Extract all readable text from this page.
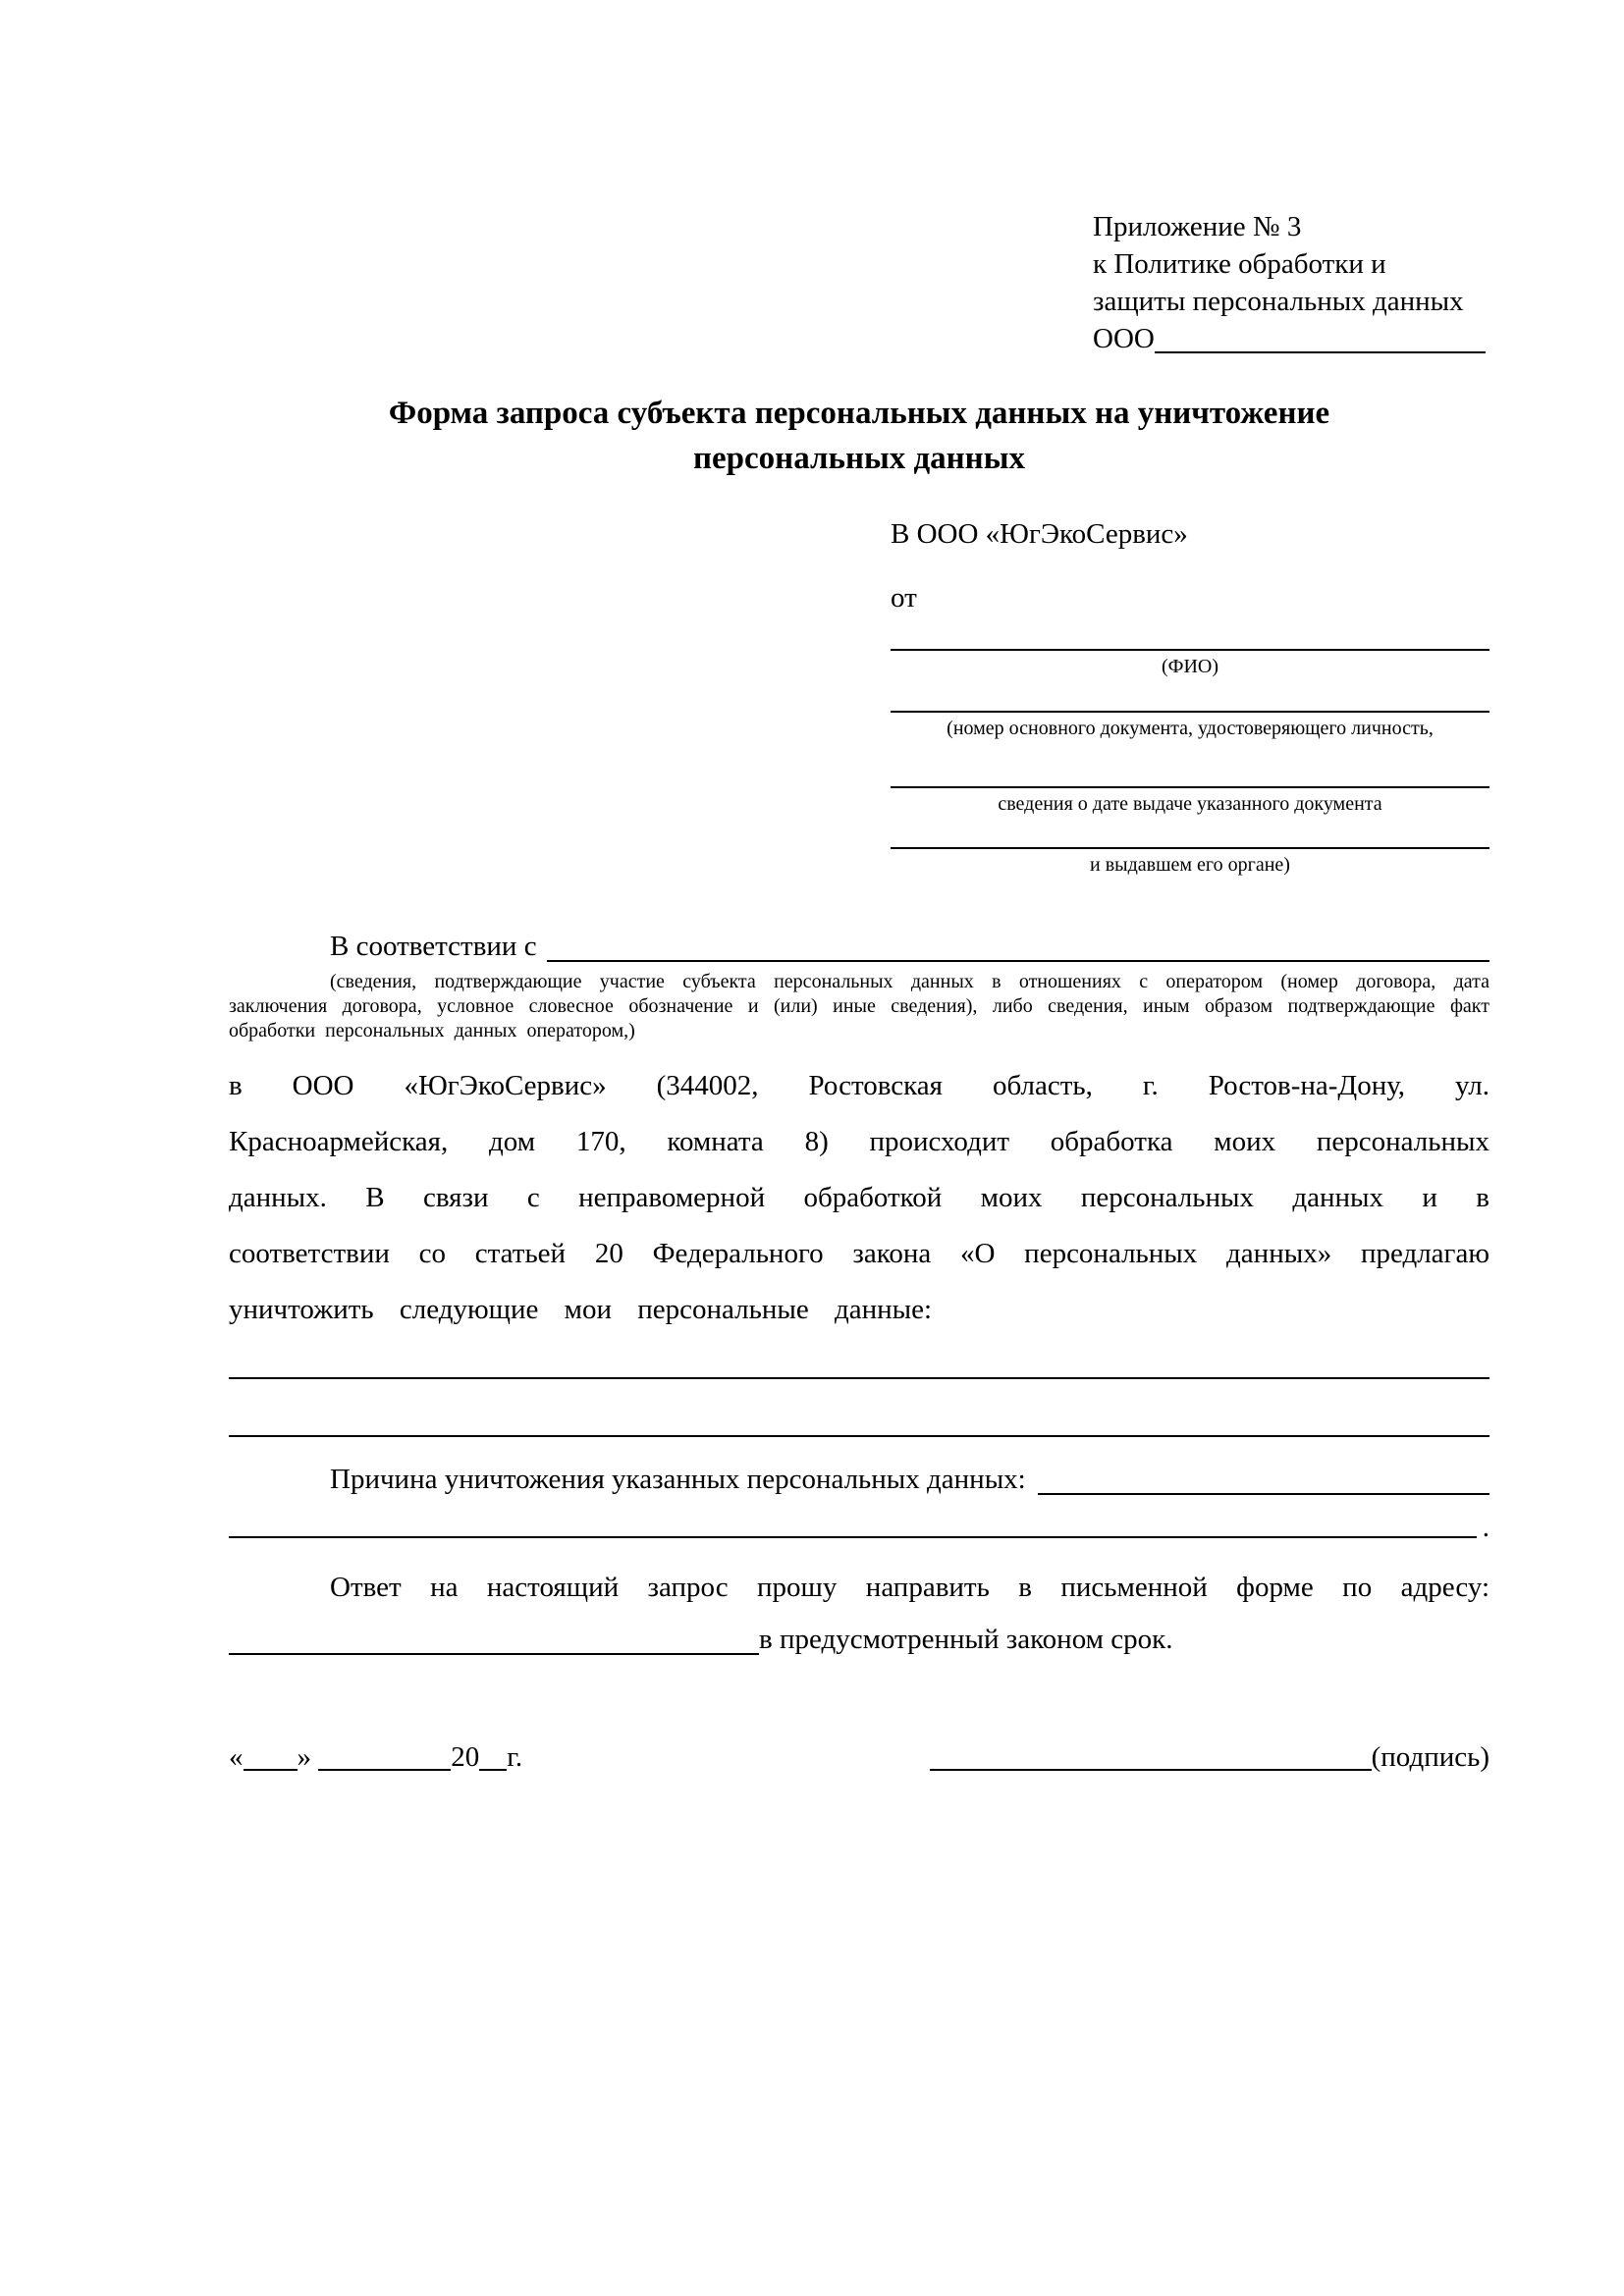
Приложение № 3
к Политике обработки и
защиты персональных данных
ООО
Форма запроса субъекта персональных данных на уничтожение персональных данных
В ООО «ЮгЭкоСервис»
от
(ФИО)
(номер основного документа, удостоверяющего личность,
сведения о дате выдаче указанного документа
и выдавшем его органе)
В соответствии с
(сведения, подтверждающие участие субъекта персональных данных в отношениях с оператором (номер договора, дата заключения договора, условное словесное обозначение и (или) иные сведения), либо сведения, иным образом подтверждающие факт обработки персональных данных оператором,)
в ООО «ЮгЭкоСервис» (344002, Ростовская область, г. Ростов-на-Дону, ул. Красноармейская, дом 170, комната 8) происходит обработка моих персональных данных. В связи с неправомерной обработкой моих персональных данных и в соответствии со статьей 20 Федерального закона «О персональных данных» предлагаю уничтожить следующие мои персональные данные:
Причина уничтожения указанных персональных данных:
.
Ответ на настоящий запрос прошу направить в письменной форме по адресу:
в предусмотренный законом срок.
« »	20 г.	(подпись)
